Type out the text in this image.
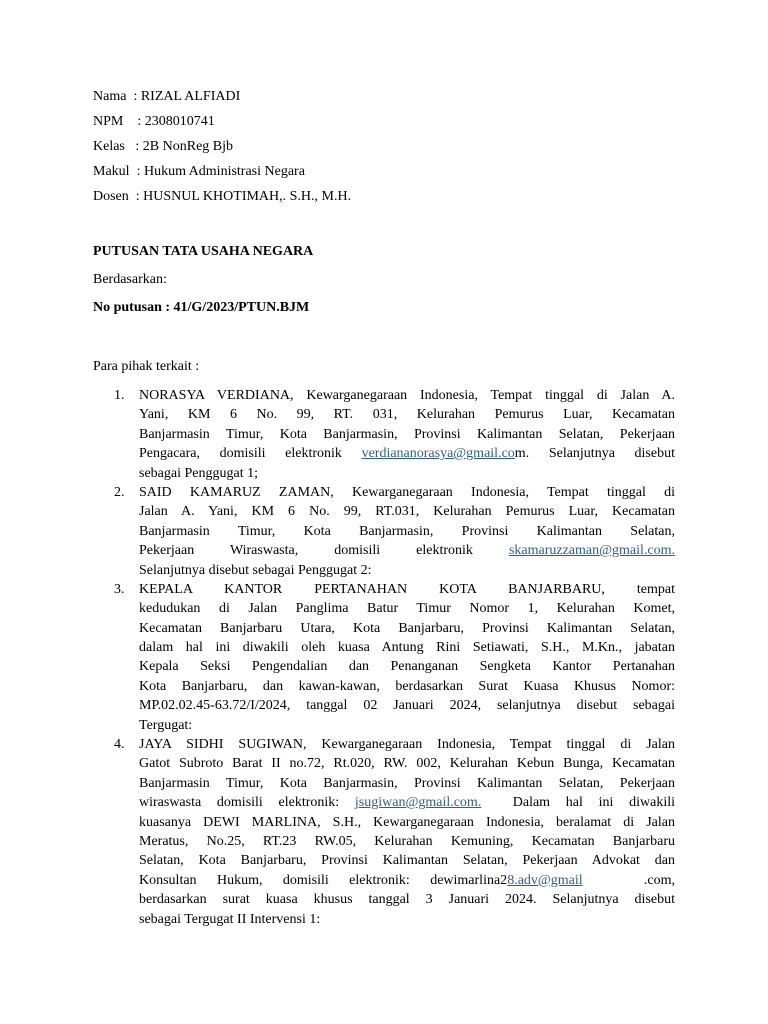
Nama  : RIZAL ALFIADI
NPM    : 2308010741
Kelas   : 2B NonReg Bjb
Makul  : Hukum Administrasi Negara
Dosen  : HUSNUL KHOTIMAH,. S.H., M.H.
PUTUSAN TATA USAHA NEGARA
Berdasarkan:
No putusan : 41/G/2023/PTUN.BJM
Para pihak terkait :
1. NORASYA VERDIANA, Kewarganegaraan Indonesia, Tempat tinggal di Jalan A.
Yani, KM 6 No. 99, RT. 031, Kelurahan Pemurus Luar, Kecamatan
Banjarmasin Timur, Kota Banjarmasin, Provinsi Kalimantan Selatan, Pekerjaan
Pengacara, domisili elektronik verdiananorasya@gmail.com. Selanjutnya disebut
sebagai Penggugat 1;
2. SAID KAMARUZ ZAMAN, Kewarganegaraan Indonesia, Tempat tinggal di
Jalan A. Yani, KM 6 No. 99, RT.031, Kelurahan Pemurus Luar, Kecamatan
Banjarmasin Timur, Kota Banjarmasin, Provinsi Kalimantan Selatan,
Pekerjaan Wiraswasta, domisili elektronik skamaruzzaman@gmail.com.
Selanjutnya disebut sebagai Penggugat 2:
3. KEPALA KANTOR PERTANAHAN KOTA BANJARBARU, tempat
kedudukan di Jalan Panglima Batur Timur Nomor 1, Kelurahan Komet,
Kecamatan Banjarbaru Utara, Kota Banjarbaru, Provinsi Kalimantan Selatan,
dalam hal ini diwakili oleh kuasa Antung Rini Setiawati, S.H., M.Kn., jabatan
Kepala Seksi Pengendalian dan Penanganan Sengketa Kantor Pertanahan
Kota Banjarbaru, dan kawan-kawan, berdasarkan Surat Kuasa Khusus Nomor:
MP.02.02.45-63.72/I/2024, tanggal 02 Januari 2024, selanjutnya disebut sebagai
Tergugat:
4. JAYA SIDHI SUGIWAN, Kewarganegaraan Indonesia, Tempat tinggal di Jalan
Gatot Subroto Barat II no.72, Rt.020, RW. 002, Kelurahan Kebun Bunga, Kecamatan
Banjarmasin Timur, Kota Banjarmasin, Provinsi Kalimantan Selatan, Pekerjaan
wiraswasta domisili elektronik: jsugiwan@gmail.com.  Dalam hal ini diwakili
kuasanya DEWI MARLINA, S.H., Kewarganegaraan Indonesia, beralamat di Jalan
Meratus, No.25, RT.23 RW.05, Kelurahan Kemuning, Kecamatan Banjarbaru
Selatan, Kota Banjarbaru, Provinsi Kalimantan Selatan, Pekerjaan Advokat dan
Konsultan Hukum, domisili elektronik: dewimarlina28.adv@gmail   .com,
berdasarkan surat kuasa khusus tanggal 3 Januari 2024. Selanjutnya disebut
sebagai Tergugat II Intervensi 1:
